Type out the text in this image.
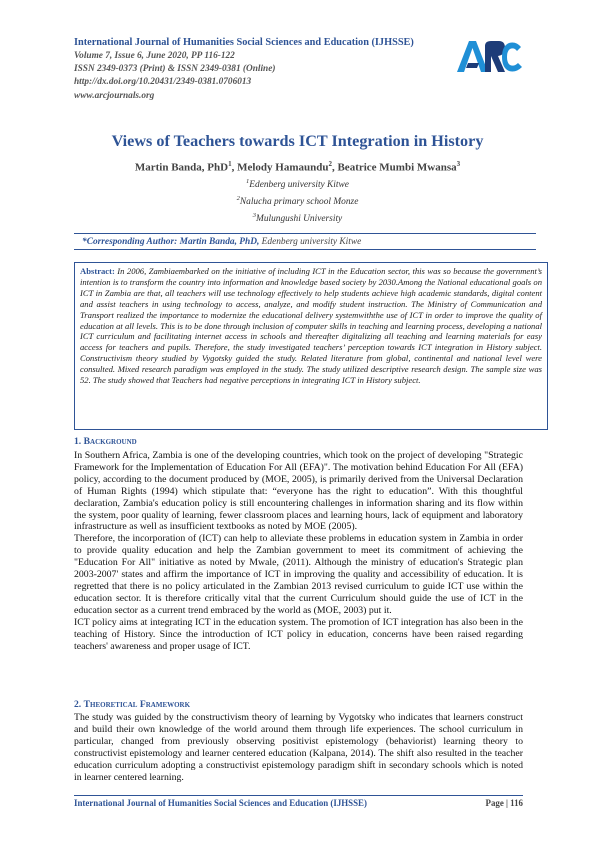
International Journal of Humanities Social Sciences and Education (IJHSSE)
Volume 7, Issue 6, June 2020, PP 116-122
ISSN 2349-0373 (Print) & ISSN 2349-0381 (Online)
http://dx.doi.org/10.20431/2349-0381.0706013
www.arcjournals.org
ARC
Views of Teachers towards ICT Integration in History
Martin Banda, PhD$^1$, Melody Hamaundu$^2$, Beatrice Mumbi Mwansa$^3$
$^1$Edenberg university Kitwe
$^2$Nalucha primary school Monze
$^3$Mulungushi University
*Corresponding Author: Martin Banda, PhD, Edenberg university Kitwe
Abstract: In 2006, Zambiaembarked on the initiative of including ICT in the Education sector, this was so because the government’s intention is to transform the country into information and knowledge based society by 2030.Among the National educational goals on ICT in Zambia are that, all teachers will use technology effectively to help students achieve high academic standards, digital content and assist teachers in using technology to access, analyze, and modify student instruction. The Ministry of Communication and Transport realized the importance to modernize the educational delivery systemwiththe use of ICT in order to improve the quality of education at all levels. This is to be done through inclusion of computer skills in teaching and learning process, developing a national ICT curriculum and facilitating internet access in schools and thereafter digitalizing all teaching and learning materials for easy access for teachers and pupils. Therefore, the study investigated teachers’ perception towards ICT integration in History subject. Constructivism theory studied by Vygotsky guided the study. Related literature from global, continental and national level were consulted. Mixed research paradigm was employed in the study. The study utilized descriptive research design. The sample size was 52. The study showed that Teachers had negative perceptions in integrating ICT in History subject.
1. Background

In Southern Africa, Zambia is one of the developing countries, which took on the project of developing "Strategic Framework for the Implementation of Education For All (EFA)". The motivation behind Education For All (EFA) policy, according to the document produced by (MOE, 2005), is primarily derived from the Universal Declaration of Human Rights (1994) which stipulate that: “everyone has the right to education”. With this thoughtful declaration, Zambia's education policy is still encountering challenges in information sharing and its flow within the system, poor quality of learning, fewer classroom places and learning hours, lack of equipment and laboratory infrastructure as well as insufficient textbooks as noted by MOE (2005).

Therefore, the incorporation of (ICT) can help to alleviate these problems in education system in Zambia in order to provide quality education and help the Zambian government to meet its commitment of achieving the "Education For All" initiative as noted by Mwale, (2011). Although the ministry of education's Strategic plan 2003-2007' states and affirm the importance of ICT in improving the quality and accessibility of education. It is regretted that there is no policy articulated in the Zambian 2013 revised curriculum to guide ICT use within the education sector. It is therefore critically vital that the current Curriculum should guide the use of ICT in the education sector as a current trend embraced by the world as (MOE, 2003) put it.

ICT policy aims at integrating ICT in the education system. The promotion of ICT integration has also been in the teaching of History. Since the introduction of ICT policy in education, concerns have been raised regarding teachers' awareness and proper usage of ICT.

2. Theoretical Framework

The study was guided by the constructivism theory of learning by Vygotsky who indicates that learners construct and build their own knowledge of the world around them through life experiences. The school curriculum in particular, changed from previously observing positivist epistemology (behaviorist) learning theory to constructivist epistemology and learner centered education (Kalpana, 2014). The shift also resulted in the teacher education curriculum adopting a constructivist epistemology paradigm shift in secondary schools which is noted in learner centered learning.

International Journal of Humanities Social Sciences and Education (IJHSSE)	Page | 116
